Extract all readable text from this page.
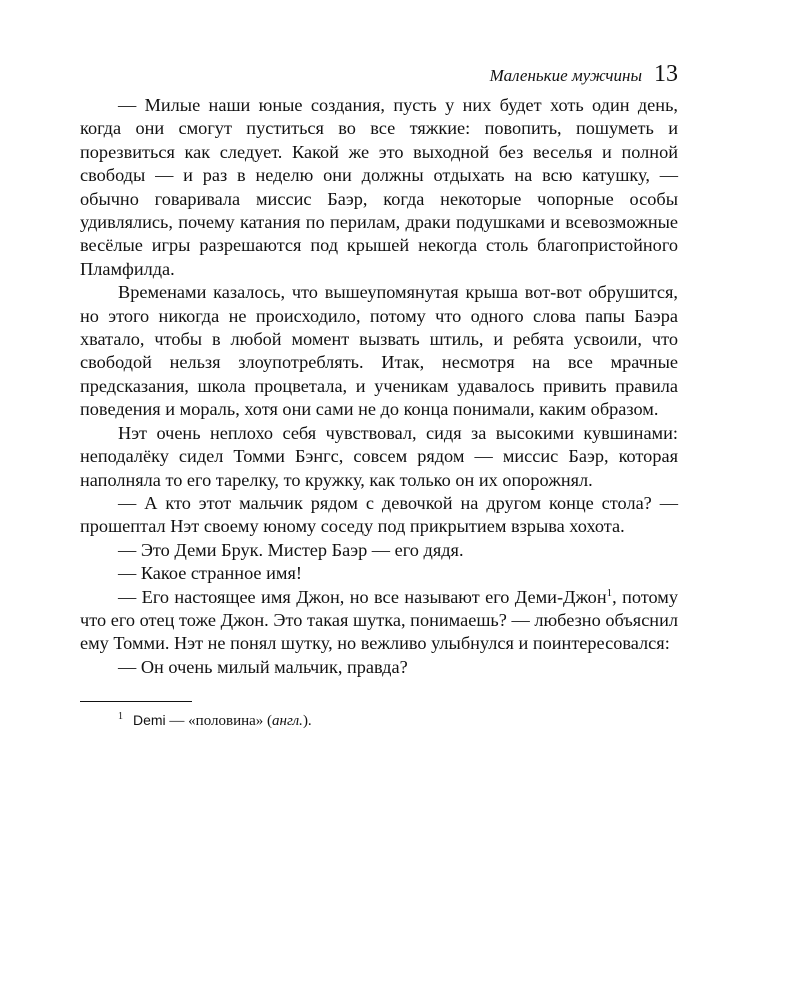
Маленькие мужчины 13

— Милые наши юные создания, пусть у них будет хоть один день, когда они смогут пуститься во все тяжкие: повопить, пошуметь и порезвиться как следует. Какой же это выходной без веселья и полной свободы — и раз в неделю они должны отдыхать на всю катушку, — обычно говаривала миссис Баэр, когда некоторые чопорные особы удивлялись, почему катания по перилам, драки подушками и всевозможные весёлые игры разрешаются под крышей некогда столь благопристойного Пламфилда.

Временами казалось, что вышеупомянутая крыша вот-вот обрушится, но этого никогда не происходило, потому что одного слова папы Баэра хватало, чтобы в любой момент вызвать штиль, и ребята усвоили, что свободой нельзя злоупотреблять. Итак, несмотря на все мрачные предсказания, школа процветала, и ученикам удавалось привить правила поведения и мораль, хотя они сами не до конца понимали, каким образом.

Нэт очень неплохо себя чувствовал, сидя за высокими кувшинами: неподалёку сидел Томми Бэнгс, совсем рядом — миссис Баэр, которая наполняла то его тарелку, то кружку, как только он их опорожнял.

— А кто этот мальчик рядом с девочкой на другом конце стола? — прошептал Нэт своему юному соседу под прикрытием взрыва хохота.

— Это Деми Брук. Мистер Баэр — его дядя.

— Какое странное имя!

— Его настоящее имя Джон, но все называют его Деми-Джон$^1$, потому что его отец тоже Джон. Это такая шутка, понимаешь? — любезно объяснил ему Томми. Нэт не понял шутку, но вежливо улыбнулся и поинтересовался:

— Он очень милый мальчик, правда?

$^1$ Demi — «половина» (англ.).
